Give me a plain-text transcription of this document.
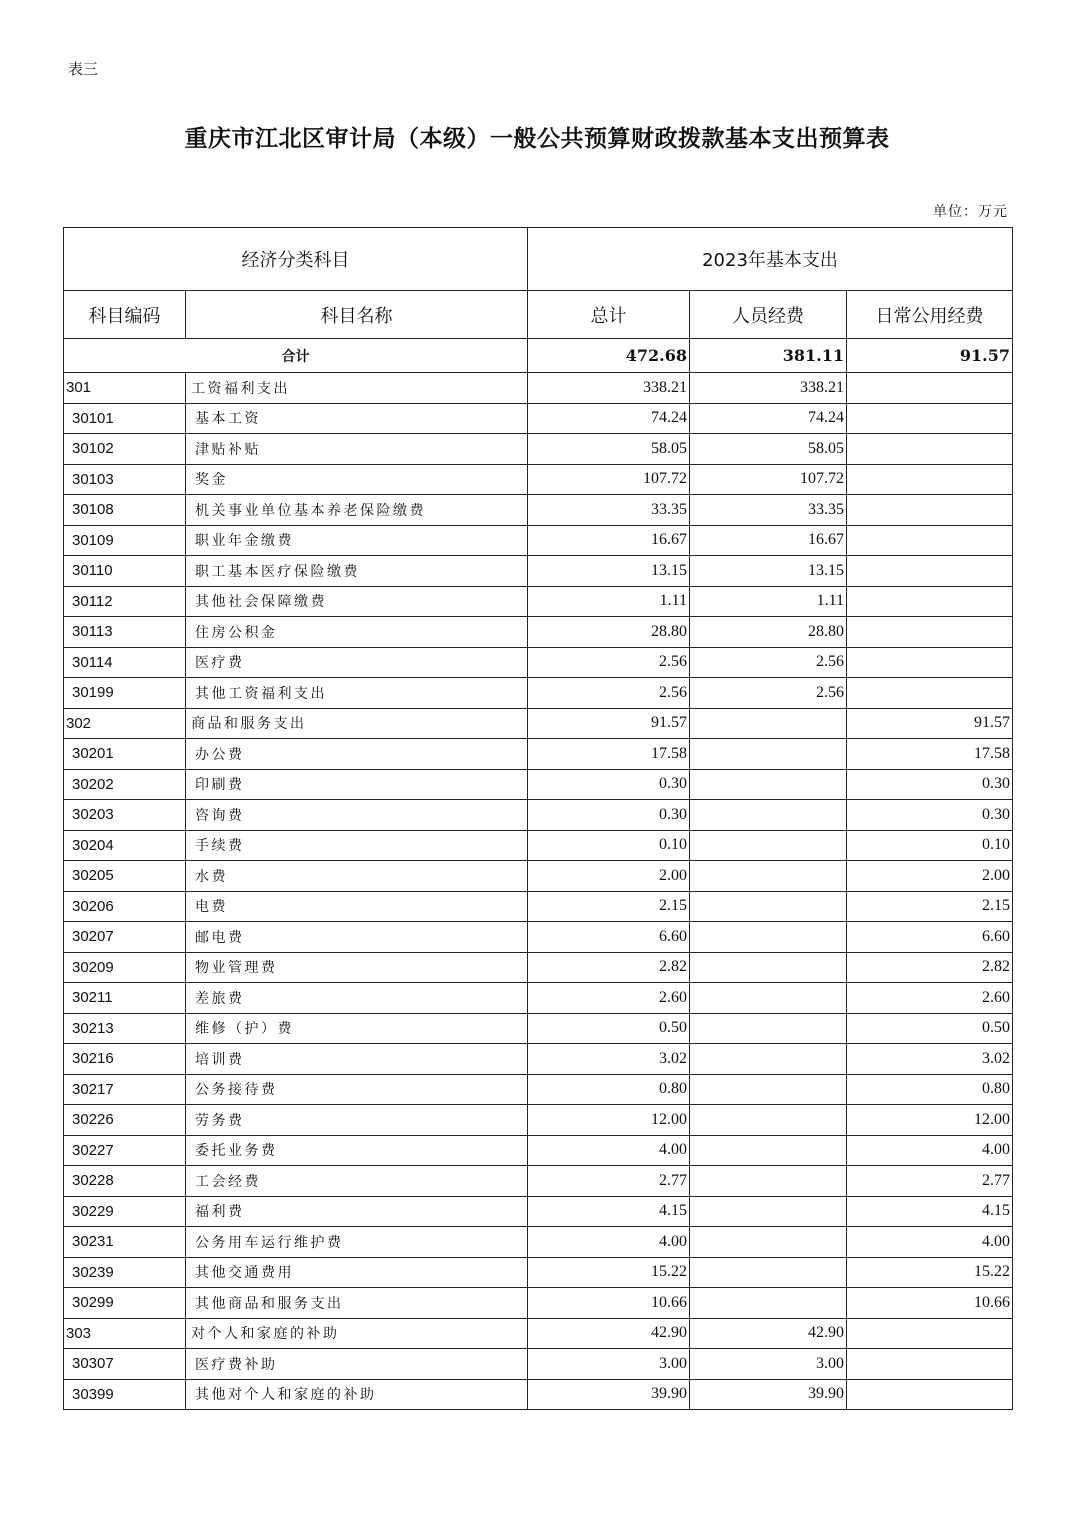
表三
重庆市江北区审计局（本级）一般公共预算财政拨款基本支出预算表
单位：万元
经济分类科目		2023年基本支出		
科目编码	科目名称	总计	人员经费	日常公用经费
合计		472.68	381.11	91.57
301	工资福利支出	338.21	338.21	
30101	基本工资	74.24	74.24	
30102	津贴补贴	58.05	58.05	
30103	奖金	107.72	107.72	
30108	机关事业单位基本养老保险缴费	33.35	33.35	
30109	职业年金缴费	16.67	16.67	
30110	职工基本医疗保险缴费	13.15	13.15	
30112	其他社会保障缴费	1.11	1.11	
30113	住房公积金	28.80	28.80	
30114	医疗费	2.56	2.56	
30199	其他工资福利支出	2.56	2.56	
302	商品和服务支出	91.57		91.57
30201	办公费	17.58		17.58
30202	印刷费	0.30		0.30
30203	咨询费	0.30		0.30
30204	手续费	0.10		0.10
30205	水费	2.00		2.00
30206	电费	2.15		2.15
30207	邮电费	6.60		6.60
30209	物业管理费	2.82		2.82
30211	差旅费	2.60		2.60
30213	维修（护）费	0.50		0.50
30216	培训费	3.02		3.02
30217	公务接待费	0.80		0.80
30226	劳务费	12.00		12.00
30227	委托业务费	4.00		4.00
30228	工会经费	2.77		2.77
30229	福利费	4.15		4.15
30231	公务用车运行维护费	4.00		4.00
30239	其他交通费用	15.22		15.22
30299	其他商品和服务支出	10.66		10.66
303	对个人和家庭的补助	42.90	42.90	
30307	医疗费补助	3.00	3.00	
30399	其他对个人和家庭的补助	39.90	39.90	
